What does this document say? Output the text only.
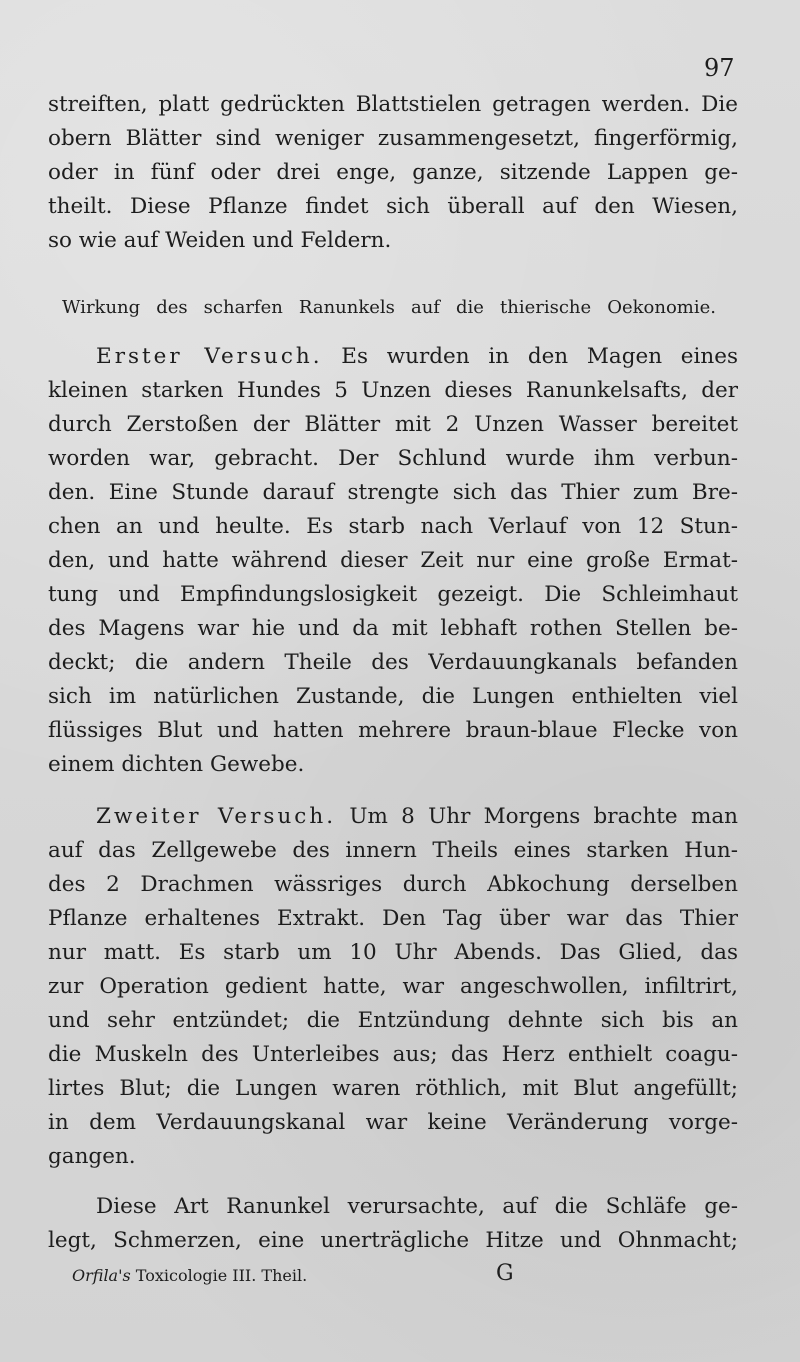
97
streiften, platt gedrückten Blattstielen getragen werden. Die
obern Blätter sind weniger zusammengesetzt, fingerförmig,
oder in fünf oder drei enge, ganze, sitzende Lappen ge-
theilt. Diese Pflanze findet sich überall auf den Wiesen,
so wie auf Weiden und Feldern.
Wirkung des scharfen Ranunkels auf die thierische Oekonomie.
Erster Versuch. Es wurden in den Magen eines
kleinen starken Hundes 5 Unzen dieses Ranunkelsafts, der
durch Zerstoßen der Blätter mit 2 Unzen Wasser bereitet
worden war, gebracht. Der Schlund wurde ihm verbun-
den. Eine Stunde darauf strengte sich das Thier zum Bre-
chen an und heulte. Es starb nach Verlauf von 12 Stun-
den, und hatte während dieser Zeit nur eine große Ermat-
tung und Empfindungslosigkeit gezeigt. Die Schleimhaut
des Magens war hie und da mit lebhaft rothen Stellen be-
deckt; die andern Theile des Verdauungkanals befanden
sich im natürlichen Zustande, die Lungen enthielten viel
flüssiges Blut und hatten mehrere braun-blaue Flecke von
einem dichten Gewebe.
Zweiter Versuch. Um 8 Uhr Morgens brachte man
auf das Zellgewebe des innern Theils eines starken Hun-
des 2 Drachmen wässriges durch Abkochung derselben
Pflanze erhaltenes Extrakt. Den Tag über war das Thier
nur matt. Es starb um 10 Uhr Abends. Das Glied, das
zur Operation gedient hatte, war angeschwollen, infiltrirt,
und sehr entzündet; die Entzündung dehnte sich bis an
die Muskeln des Unterleibes aus; das Herz enthielt coagu-
lirtes Blut; die Lungen waren röthlich, mit Blut angefüllt;
in dem Verdauungskanal war keine Veränderung vorge-
gangen.
Diese Art Ranunkel verursachte, auf die Schläfe ge-
legt, Schmerzen, eine unerträgliche Hitze und Ohnmacht;
Orfila's Toxicologie III. Theil.	G
